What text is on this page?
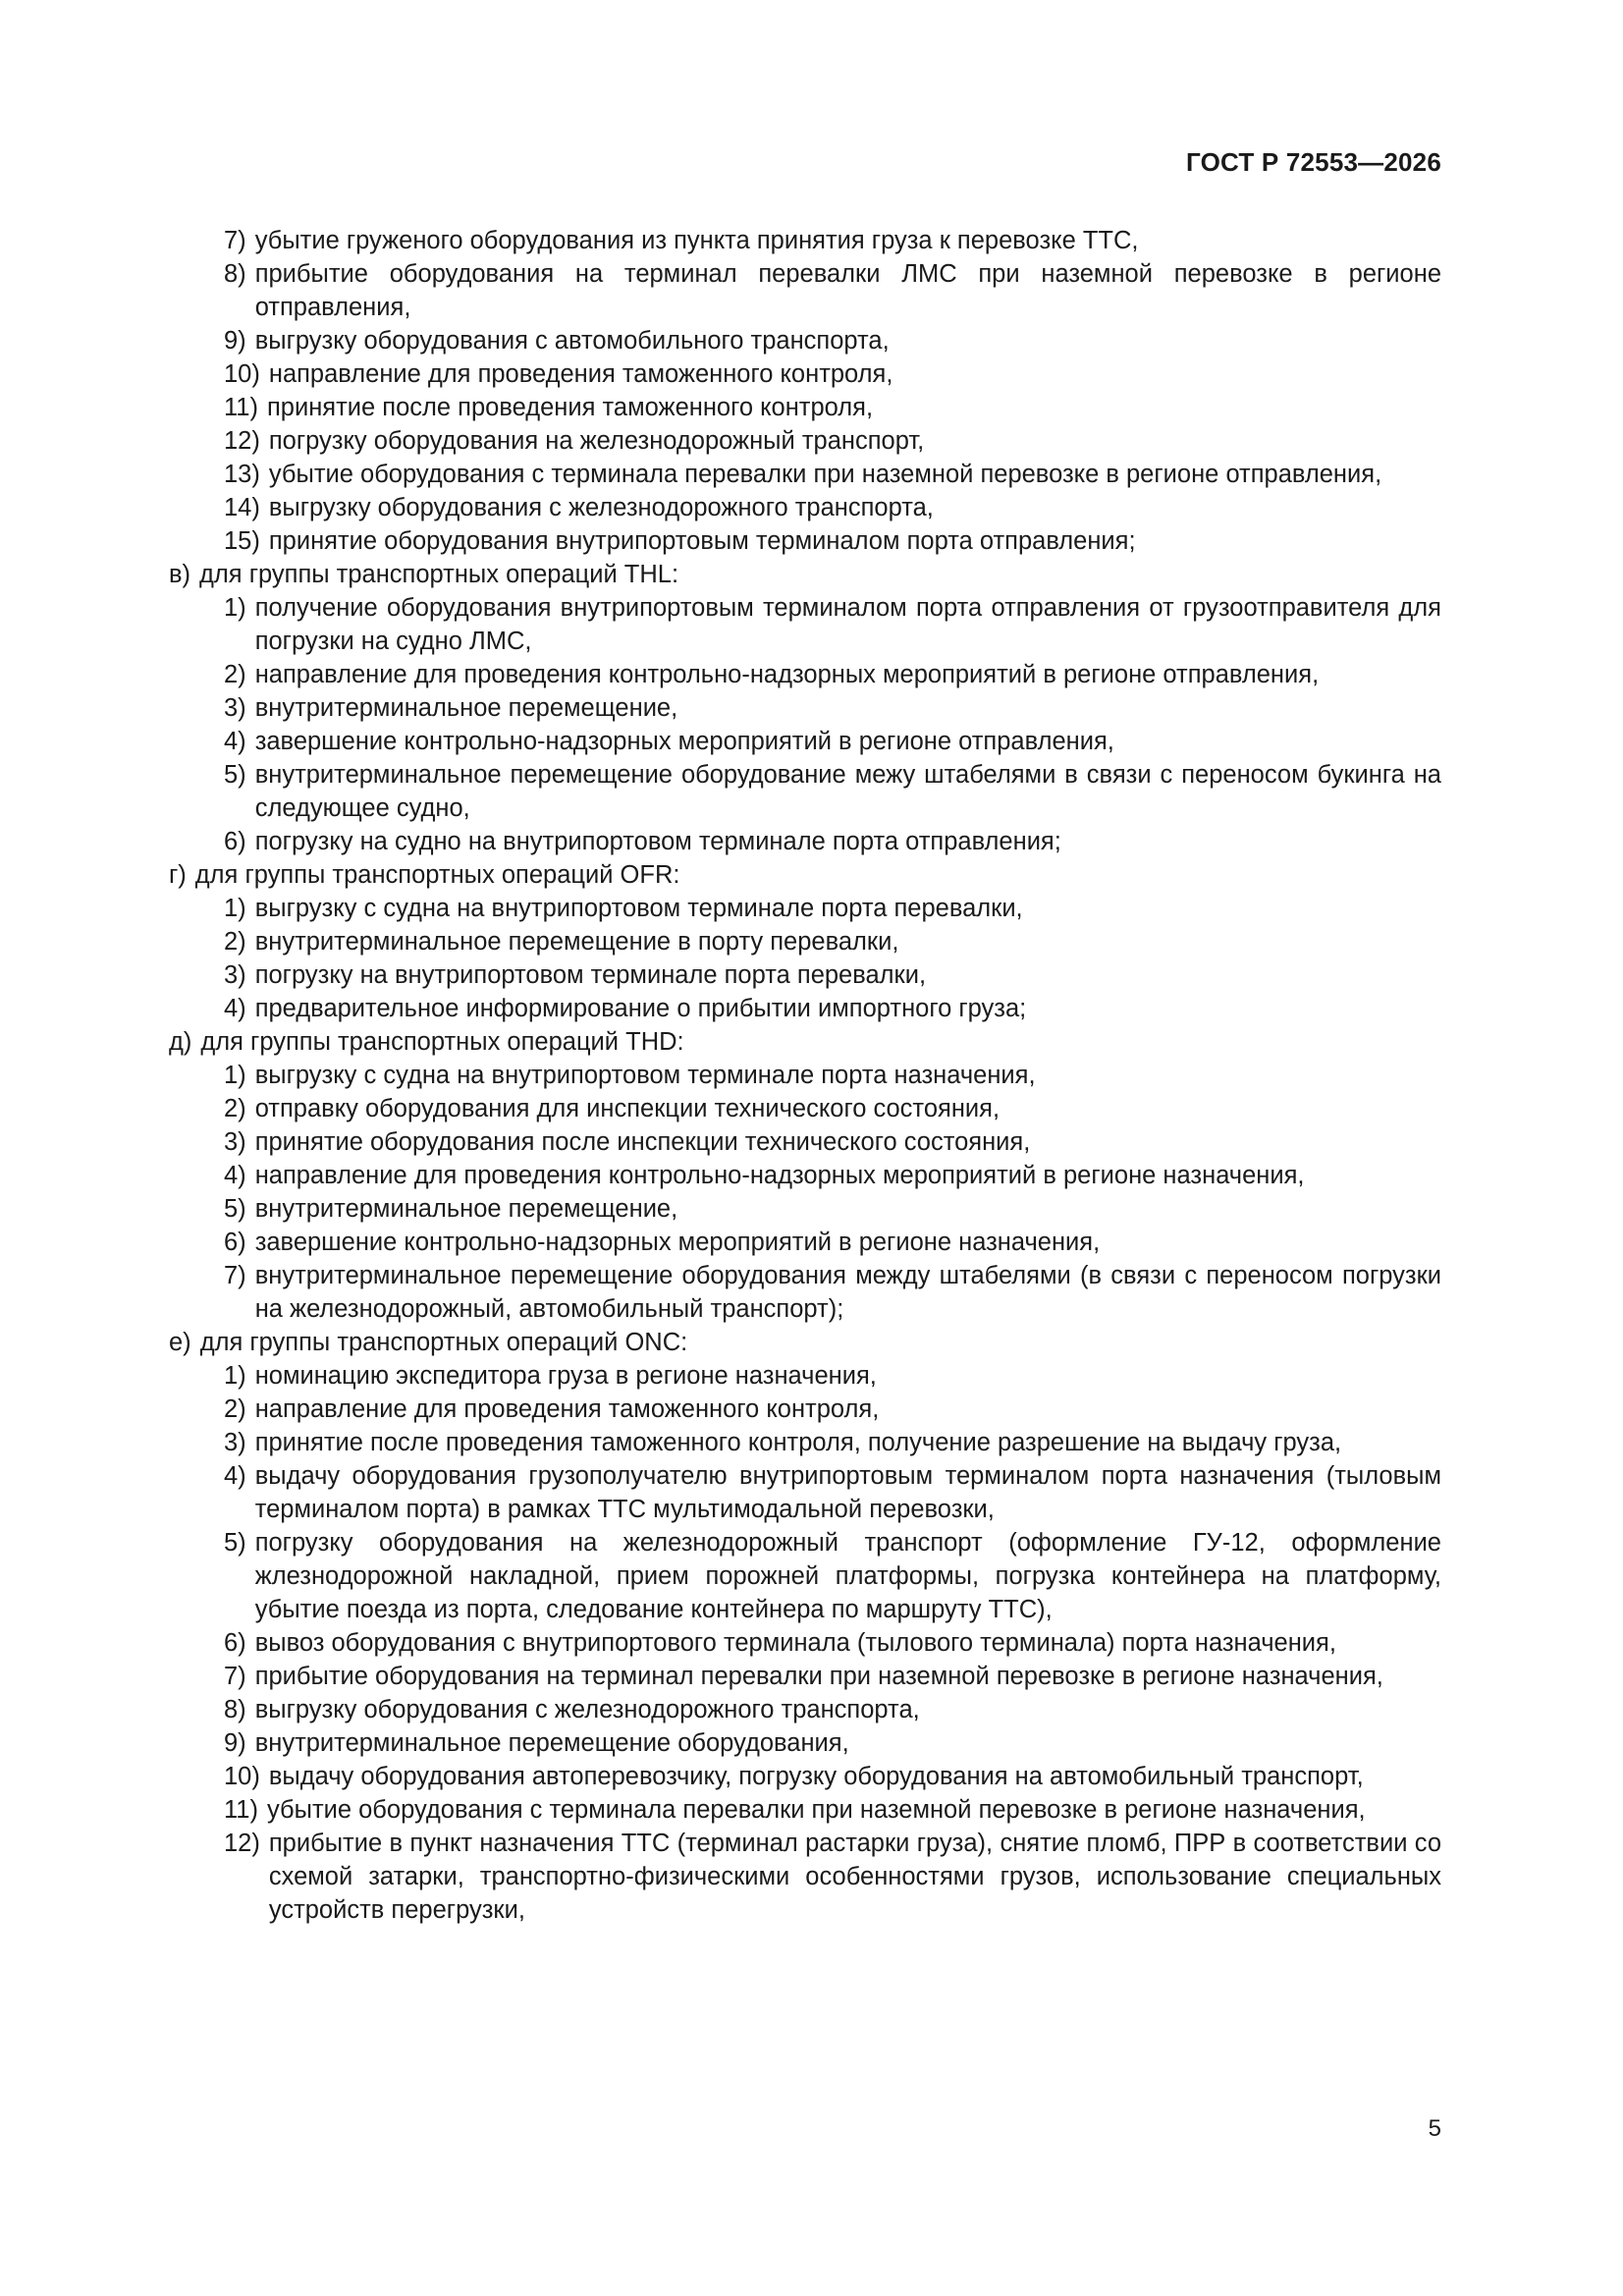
ГОСТ Р 72553—2026
7) убытие груженого оборудования из пункта принятия груза к перевозке ТТС,
8) прибытие оборудования на терминал перевалки ЛМС при наземной перевозке в регионе отправления,
9) выгрузку оборудования с автомобильного транспорта,
10) направление для проведения таможенного контроля,
11) принятие после проведения таможенного контроля,
12) погрузку оборудования на железнодорожный транспорт,
13) убытие оборудования с терминала перевалки при наземной перевозке в регионе отправления,
14) выгрузку оборудования с железнодорожного транспорта,
15) принятие оборудования внутрипортовым терминалом порта отправления;
в) для группы транспортных операций THL:
1) получение оборудования внутрипортовым терминалом порта отправления от грузоотправителя для погрузки на судно ЛМС,
2) направление для проведения контрольно-надзорных мероприятий в регионе отправления,
3) внутритерминальное перемещение,
4) завершение контрольно-надзорных мероприятий в регионе отправления,
5) внутритерминальное перемещение оборудование межу штабелями в связи с переносом букинга на следующее судно,
6) погрузку на судно на внутрипортовом терминале порта отправления;
г) для группы транспортных операций OFR:
1) выгрузку с судна на внутрипортовом терминале порта перевалки,
2) внутритерминальное перемещение в порту перевалки,
3) погрузку на внутрипортовом терминале порта перевалки,
4) предварительное информирование о прибытии импортного груза;
д) для группы транспортных операций THD:
1) выгрузку с судна на внутрипортовом терминале порта назначения,
2) отправку оборудования для инспекции технического состояния,
3) принятие оборудования после инспекции технического состояния,
4) направление для проведения контрольно-надзорных мероприятий в регионе назначения,
5) внутритерминальное перемещение,
6) завершение контрольно-надзорных мероприятий в регионе назначения,
7) внутритерминальное перемещение оборудования между штабелями (в связи с переносом погрузки на железнодорожный, автомобильный транспорт);
е) для группы транспортных операций ONC:
1) номинацию экспедитора груза в регионе назначения,
2) направление для проведения таможенного контроля,
3) принятие после проведения таможенного контроля, получение разрешение на выдачу груза,
4) выдачу оборудования грузополучателю внутрипортовым терминалом порта назначения (тыловым терминалом порта) в рамках ТТС мультимодальной перевозки,
5) погрузку оборудования на железнодорожный транспорт (оформление ГУ-12, оформление жлезнодорожной накладной, прием порожней платформы, погрузка контейнера на платформу, убытие поезда из порта, следование контейнера по маршруту ТТС),
6) вывоз оборудования с внутрипортового терминала (тылового терминала) порта назначения,
7) прибытие оборудования на терминал перевалки при наземной перевозке в регионе назначения,
8) выгрузку оборудования с железнодорожного транспорта,
9) внутритерминальное перемещение оборудования,
10) выдачу оборудования автоперевозчику, погрузку оборудования на автомобильный транспорт,
11) убытие оборудования с терминала перевалки при наземной перевозке в регионе назначения,
12) прибытие в пункт назначения ТТС (терминал растарки груза), снятие пломб, ПРР в соответствии со схемой затарки, транспортно-физическими особенностями грузов, использование специальных устройств перегрузки,
5
